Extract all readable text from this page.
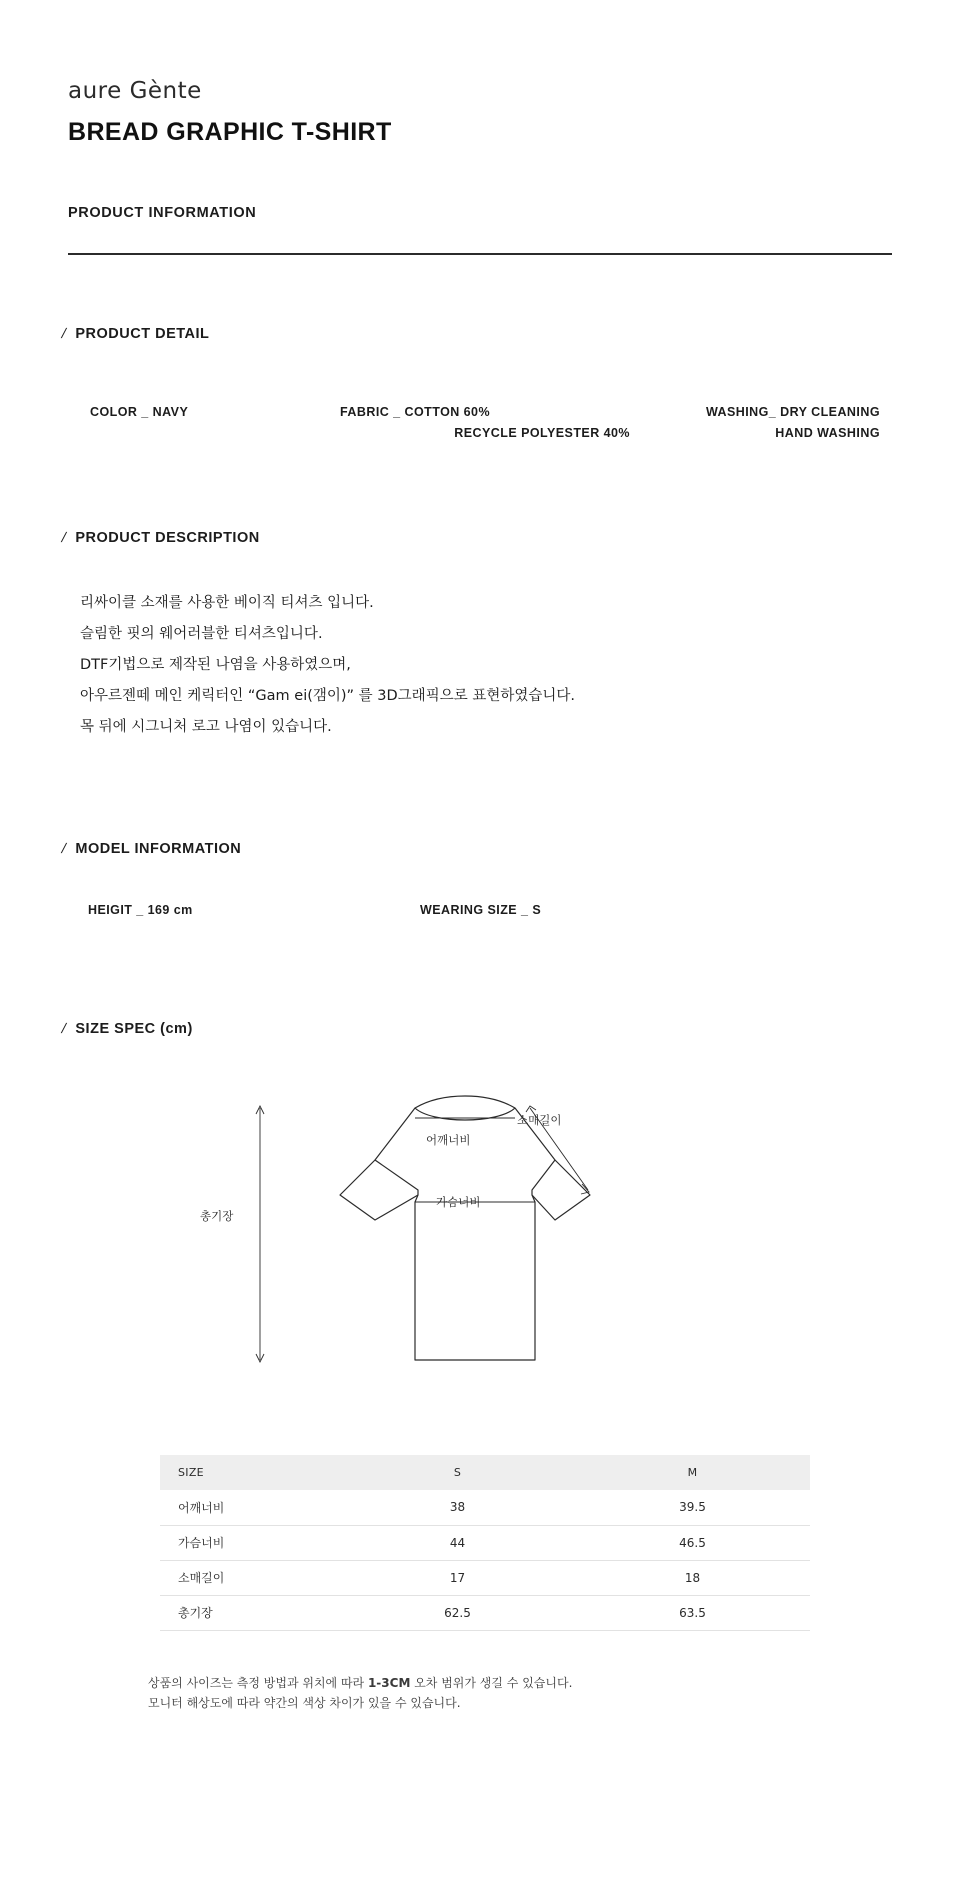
aure Gènte
BREAD GRAPHIC T-SHIRT
PRODUCT INFORMATION
/ PRODUCT DETAIL
COLOR _ NAVY	FABRIC _ COTTON 60%
RECYCLE POLYESTER 40%
WASHING_ DRY CLEANING
HAND WASHING
/ PRODUCT DESCRIPTION
리싸이클 소재를 사용한 베이직 티셔츠 입니다.
슬림한 핏의 웨어러블한 티셔츠입니다.
DTF기법으로 제작된 나염을 사용하였으며,
아우르젠떼 메인 케릭터인 “Gam ei(갬이)” 를 3D그래픽으로 표현하였습니다.
목 뒤에 시그니처 로고 나염이 있습니다.
/ MODEL INFORMATION
HEIGIT _ 169 cm	WEARING SIZE _ S
/ SIZE SPEC (cm)
어깨너비
소매길이
가슴너비
총기장
SIZE	S	M
어깨너비	38	39.5
가슴너비	44	46.5
소매길이	17	18
총기장	62.5	63.5
상품의 사이즈는 측정 방법과 위치에 따라 1-3CM 오차 범위가 생길 수 있습니다.
모니터 해상도에 따라 약간의 색상 차이가 있을 수 있습니다.
